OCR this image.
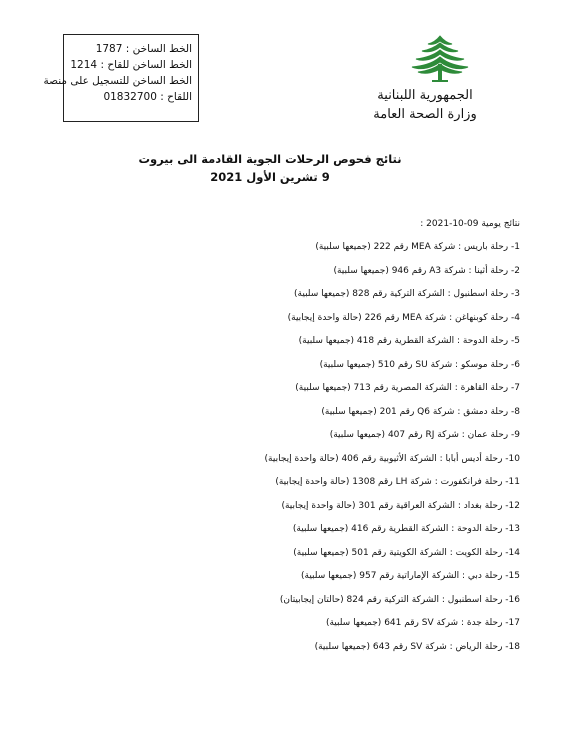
الخط الساخن : 1787
الخط الساخن للقاح : 1214
الخط الساخن للتسجيل على منصة
اللقاح : 01832700	الجمهورية اللبنانية
وزارة الصحة العامة
نتائج فحوص الرحلات الجوية القادمة الى بيروت
9 تشرين الأول 2021
نتائج يومية 09-10-2021 :
1- رحلة باريس : شركة MEA رقم 222 (جميعها سلبية)
2- رحلة أثينا : شركة A3 رقم 946 (جميعها سلبية)
3- رحلة اسطنبول : الشركة التركية رقم 828 (جميعها سلبية)
4- رحلة كوبنهاغن : شركة MEA رقم 226 (حالة واحدة إيجابية)
5- رحلة الدوحة : الشركة القطرية رقم 418 (جميعها سلبية)
6- رحلة موسكو : شركة SU رقم 510 (جميعها سلبية)
7- رحلة القاهرة : الشركة المصرية رقم 713 (جميعها سلبية)
8- رحلة دمشق : شركة Q6 رقم 201 (جميعها سلبية)
9- رحلة عمان : شركة RJ رقم 407 (جميعها سلبية)
10- رحلة أديس أبابا : الشركة الأثيوبية رقم 406 (حالة واحدة إيجابية)
11- رحلة فرانكفورت : شركة LH رقم 1308 (حالة واحدة إيجابية)
12- رحلة بغداد : الشركة العراقية رقم 301 (حالة واحدة إيجابية)
13- رحلة الدوحة : الشركة القطرية رقم 416 (جميعها سلبية)
14- رحلة الكويت : الشركة الكويتية رقم 501 (جميعها سلبية)
15- رحلة دبي : الشركة الإماراتية رقم 957 (جميعها سلبية)
16- رحلة اسطنبول : الشركة التركية رقم 824 (حالتان إيجابيتان)
17- رحلة جدة : شركة SV رقم 641 (جميعها سلبية)
18- رحلة الرياض : شركة SV رقم 643 (جميعها سلبية)
